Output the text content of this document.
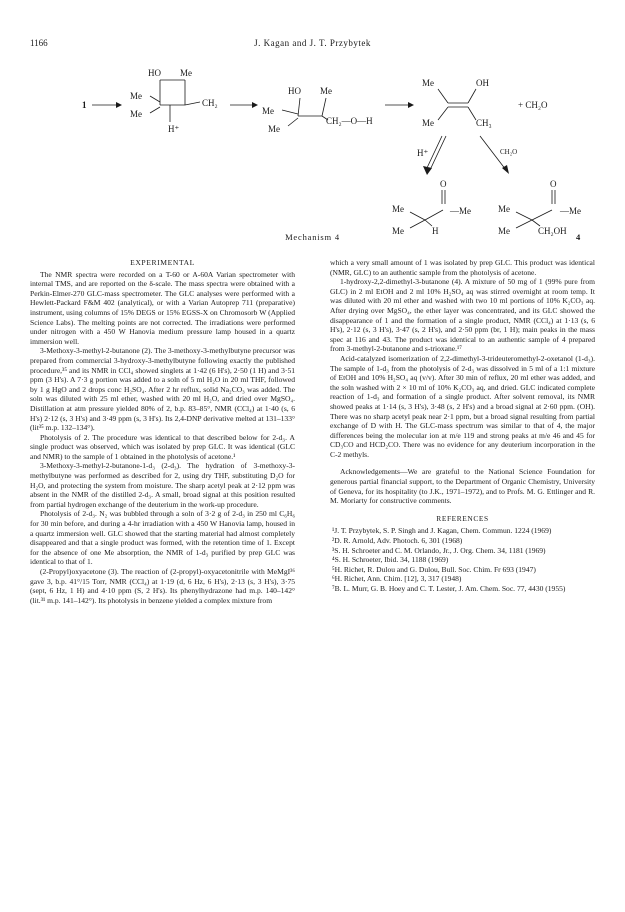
1166	J. Kagan and J. T. Przybytek
1
HO Me
Me
Me
CH₂
H⁺
HO Me
Me
Me
CH₂—O—H
Me
Me
OH
CH₃
+ CH₂O
H⁺	CH₂O
O
Me
Me
—Me
H
O
Me
Me
—Me
CH₂OH
Mechanism 4	4
EXPERIMENTAL

The NMR spectra were recorded on a T-60 or A-60A Varian spectrometer with internal TMS, and are reported on the δ-scale. The mass spectra were obtained with a Perkin-Elmer-270 GLC-mass spectrometer. The GLC analyses were performed with a Hewlett-Packard F&M 402 (analytical), or with a Varian Autoprep 711 (preparative) instrument, using columns of 15% DEGS or 15% EGSS-X on Chromosorb W (Applied Science Labs). The melting points are not corrected. The irradiations were performed under nitrogen with a 450 W Hanovia medium pressure lamp housed in a quartz immersion well.

3-Methoxy-3-methyl-2-butanone (2). The 3-methoxy-3-methylbutyne precursor was prepared from commercial 3-hydroxy-3-methylbutyne following exactly the published procedure,³⁵ and its NMR in CCl₄ showed singlets at 1·42 (6 H's), 2·50 (1 H) and 3·51 ppm (3 H's). A 7·3 g portion was added to a soln of 5 ml H₂O in 20 ml THF, followed by 1 g HgO and 2 drops conc H₂SO₄. After 2 hr reflux, solid Na₂CO₃ was added. The soln was diluted with 25 ml ether, washed with 20 ml H₂O, and dried over MgSO₄. Distillation at atm pressure yielded 80% of 2, b.p. 83–85°, NMR (CCl₄) at 1·40 (s, 6 H's) 2·12 (s, 3 H's) and 3·49 ppm (s, 3 H's). Its 2,4-DNP derivative melted at 131–133° (lit³⁵ m.p. 132–134°).

Photolysis of 2. The procedure was identical to that described below for 2-d₃. A single product was observed, which was isolated by prep GLC. It was identical (GLC and NMR) to the sample of 1 obtained in the photolysis of acetone.¹

3-Methoxy-3-methyl-2-butanone-1-d₃ (2-d₃). The hydration of 3-methoxy-3-methylbutyne was performed as described for 2, using dry THF, substituting D₂O for H₂O, and protecting the system from moisture. The sharp acetyl peak at 2·12 ppm was absent in the NMR of the distilled 2-d₃. A small, broad signal at this position resulted from partial hydrogen exchange of the deuterium in the work-up procedure.

Photolysis of 2-d₃. N₂ was bubbled through a soln of 3·2 g of 2-d₃ in 250 ml C₆H₆ for 30 min before, and during a 4-hr irradiation with a 450 W Hanovia lamp, housed in a quartz immersion well. GLC showed that the starting material had almost completely disappeared and that a single product was formed, with the retention time of 1. Except for the absence of one Me absorption, the NMR of 1-d₃ purified by prep GLC was identical to that of 1.

(2-Propyl)oxyacetone (3). The reaction of (2-propyl)-oxyacetonitrile with MeMgI³⁶ gave 3, b.p. 41°/15 Torr, NMR (CCl₄) at 1·19 (d, 6 Hz, 6 H's), 2·13 (s, 3 H's), 3·75 (sept, 6 Hz, 1 H) and 4·10 ppm (S, 2 H's). Its phenylhydrazone had m.p. 140–142° (lit.³¹ m.p. 141–142°). Its photolysis in benzene yielded a complex mixture from

which a very small amount of 1 was isolated by prep GLC. This product was identical (NMR, GLC) to an authentic sample from the photolysis of acetone.

1-hydroxy-2,2-dimethyl-3-butanone (4). A mixture of 50 mg of 1 (99% pure from GLC) in 2 ml EtOH and 2 ml 10% H₂SO₄ aq was stirred overnight at room temp. It was diluted with 20 ml ether and washed with two 10 ml portions of 10% K₂CO₃ aq. After drying over MgSO₄, the ether layer was concentrated, and its GLC showed the disappearance of 1 and the formation of a single product, NMR (CCl₄) at 1·13 (s, 6 H's), 2·12 (s, 3 H's), 3·47 (s, 2 H's), and 2·50 ppm (br, 1 H); main peaks in the mass spec at 116 and 43. The product was identical to an authentic sample of 4 prepared from 3-methyl-2-butanone and s-trioxane.¹⁷

Acid-catalyzed isomerization of 2,2-dimethyl-3-trideuteromethyl-2-oxetanol (1-d₃). The sample of 1-d₃ from the photolysis of 2-d₃ was dissolved in 5 ml of a 1:1 mixture of EtOH and 10% H₂SO₄ aq (v/v). After 30 min of reflux, 20 ml ether was added, and the soln washed with 2 × 10 ml of 10% K₂CO₃ aq, and dried. GLC indicated complete reaction of 1-d₃ and formation of a single product. After solvent removal, its NMR showed peaks at 1·14 (s, 3 H's), 3·48 (s, 2 H's) and a broad signal at 2·60 ppm. (OH). There was no sharp acetyl peak near 2·1 ppm, but a broad signal resulting from partial exchange of D with H. The GLC-mass spectrum was similar to that of 4, the major differences being the molecular ion at m/e 119 and strong peaks at m/e 46 and 45 for CD₃CO and HCD₂CO. There was no evidence for any deuterium incorporation in the C-2 methyls.

Acknowledgements—We are grateful to the National Science Foundation for generous partial financial support, to the Department of Organic Chemistry, University of Geneva, for its hospitality (to J.K., 1971–1972), and to Profs. M. G. Ettlinger and R. M. Moriarty for constructive comments.

REFERENCES

¹J. T. Przybytek, S. P. Singh and J. Kagan, Chem. Commun. 1224 (1969)

²D. R. Arnold, Adv. Photoch. 6, 301 (1968)

³S. H. Schroeter and C. M. Orlando, Jr., J. Org. Chem. 34, 1181 (1969)

⁴S. H. Schroeter, Ibid. 34, 1188 (1969)

⁵H. Richet, R. Dulou and G. Dulou, Bull. Soc. Chim. Fr 693 (1947)

⁶H. Richet, Ann. Chim. [12], 3, 317 (1948)

⁷B. L. Murr, G. B. Hoey and C. T. Lester, J. Am. Chem. Soc. 77, 4430 (1955)
